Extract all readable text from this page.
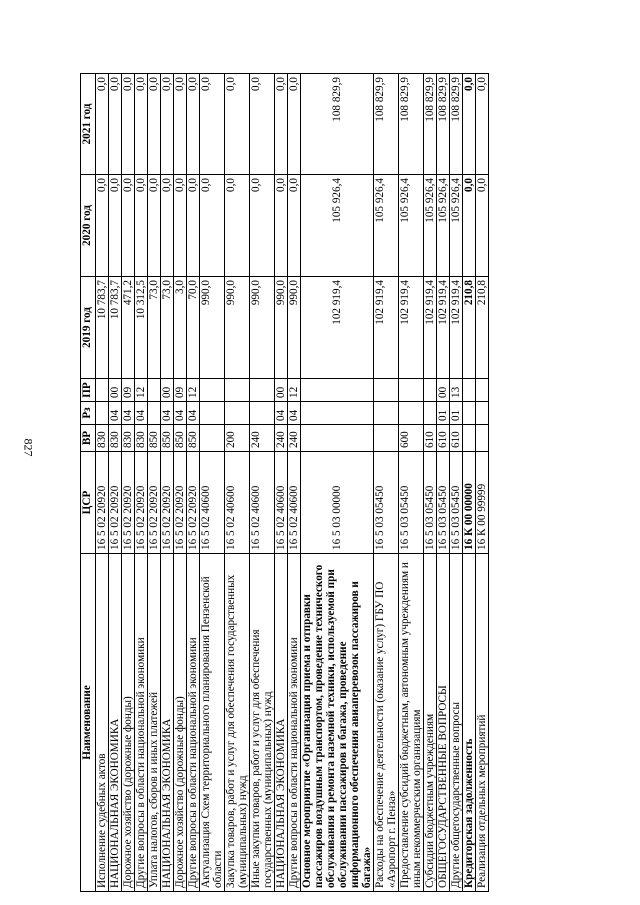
827
Наименование	ЦСР	ВР	Рз	ПР	2019 год	2020 год	2021 год
Исполнение судебных актов	16 5 02 20920	830			10 783,7	0,0	0,0
НАЦИОНАЛЬНАЯ ЭКОНОМИКА	16 5 02 20920	830	04	00	10 783,7	0,0	0,0
Дорожное хозяйство (дорожные фонды)	16 5 02 20920	830	04	09	471,2	0,0	0,0
Другие вопросы в области национальной экономики	16 5 02 20920	830	04	12	10 312,5	0,0	0,0
Уплата налогов, сборов и иных платежей	16 5 02 20920	850			73,0	0,0	0,0
НАЦИОНАЛЬНАЯ ЭКОНОМИКА	16 5 02 20920	850	04	00	73,0	0,0	0,0
Дорожное хозяйство (дорожные фонды)	16 5 02 20920	850	04	09	3,0	0,0	0,0
Другие вопросы в области национальной экономики	16 5 02 20920	850	04	12	70,0	0,0	0,0
Актуализация Схем территориального планирования Пензенской области	16 5 02 40600				990,0	0,0	0,0
Закупка товаров, работ и услуг для обеспечения государственных (муниципальных) нужд	16 5 02 40600	200			990,0	0,0	0,0
Иные закупки товаров, работ и услуг для обеспечения государственных (муниципальных) нужд	16 5 02 40600	240			990,0	0,0	0,0
НАЦИОНАЛЬНАЯ ЭКОНОМИКА	16 5 02 40600	240	04	00	990,0	0,0	0,0
Другие вопросы в области национальной экономики	16 5 02 40600	240	04	12	990,0	0,0	0,0
Основное мероприятие «Организация приема и отправки пассажиров воздушным транспортом, проведение технического обслуживания и ремонта наземной техники, используемой при обслуживании пассажиров и багажа, проведение информационного обеспечения авиаперевозок пассажиров и багажа»	16 5 03 00000				102 919,4	105 926,4	108 829,9
Расходы на обеспечение деятельности (оказание услуг) ГБУ ПО «Аэропорт г. Пенза»	16 5 03 05450				102 919,4	105 926,4	108 829,9
Предоставление субсидий бюджетным, автономным учреждениям и иным некоммерческим организациям	16 5 03 05450	600			102 919,4	105 926,4	108 829,9
Субсидии бюджетным учреждениям	16 5 03 05450	610			102 919,4	105 926,4	108 829,9
ОБЩЕГОСУДАРСТВЕННЫЕ ВОПРОСЫ	16 5 03 05450	610	01	00	102 919,4	105 926,4	108 829,9
Другие общегосударственные вопросы	16 5 03 05450	610	01	13	102 919,4	105 926,4	108 829,9
Кредиторская задолженность	16 К 00 00000				210,8	0,0	0,0
Реализация отдельных мероприятий	16 К 00 99999				210,8	0,0	0,0
